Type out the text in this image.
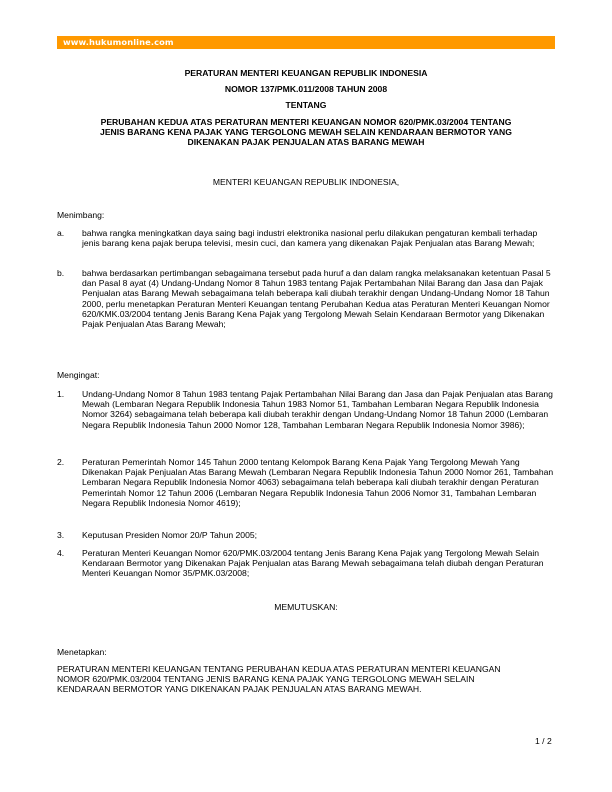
www.hukumonline.com
PERATURAN MENTERI KEUANGAN REPUBLIK INDONESIA
NOMOR 137/PMK.011/2008 TAHUN 2008
TENTANG
PERUBAHAN KEDUA ATAS PERATURAN MENTERI KEUANGAN NOMOR 620/PMK.03/2004 TENTANG
JENIS BARANG KENA PAJAK YANG TERGOLONG MEWAH SELAIN KENDARAAN BERMOTOR YANG
DIKENAKAN PAJAK PENJUALAN ATAS BARANG MEWAH
MENTERI KEUANGAN REPUBLIK INDONESIA,
Menimbang:
a. bahwa rangka meningkatkan daya saing bagi industri elektronika nasional perlu dilakukan pengaturan kembali terhadap jenis barang kena pajak berupa televisi, mesin cuci, dan kamera yang dikenakan Pajak Penjualan atas Barang Mewah;
b. bahwa berdasarkan pertimbangan sebagaimana tersebut pada huruf a dan dalam rangka melaksanakan ketentuan Pasal 5 dan Pasal 8 ayat (4) Undang-Undang Nomor 8 Tahun 1983 tentang Pajak Pertambahan Nilai Barang dan Jasa dan Pajak Penjualan atas Barang Mewah sebagaimana telah beberapa kali diubah terakhir dengan Undang-Undang Nomor 18 Tahun 2000, perlu menetapkan Peraturan Menteri Keuangan tentang Perubahan Kedua atas Peraturan Menteri Keuangan Nomor 620/KMK.03/2004 tentang Jenis Barang Kena Pajak yang Tergolong Mewah Selain Kendaraan Bermotor yang Dikenakan Pajak Penjualan Atas Barang Mewah;
Mengingat:
1. Undang-Undang Nomor 8 Tahun 1983 tentang Pajak Pertambahan Nilai Barang dan Jasa dan Pajak Penjualan atas Barang Mewah (Lembaran Negara Republik Indonesia Tahun 1983 Nomor 51, Tambahan Lembaran Negara Republik Indonesia Nomor 3264) sebagaimana telah beberapa kali diubah terakhir dengan Undang-Undang Nomor 18 Tahun 2000 (Lembaran Negara Republik Indonesia Tahun 2000 Nomor 128, Tambahan Lembaran Negara Republik Indonesia Nomor 3986);
2. Peraturan Pemerintah Nomor 145 Tahun 2000 tentang Kelompok Barang Kena Pajak Yang Tergolong Mewah Yang Dikenakan Pajak Penjualan Atas Barang Mewah (Lembaran Negara Republik Indonesia Tahun 2000 Nomor 261, Tambahan Lembaran Negara Republik Indonesia Nomor 4063) sebagaimana telah beberapa kali diubah terakhir dengan Peraturan Pemerintah Nomor 12 Tahun 2006 (Lembaran Negara Republik Indonesia Tahun 2006 Nomor 31, Tambahan Lembaran Negara Republik Indonesia Nomor 4619);
3. Keputusan Presiden Nomor 20/P Tahun 2005;
4. Peraturan Menteri Keuangan Nomor 620/PMK.03/2004 tentang Jenis Barang Kena Pajak yang Tergolong Mewah Selain Kendaraan Bermotor yang Dikenakan Pajak Penjualan atas Barang Mewah sebagaimana telah diubah dengan Peraturan Menteri Keuangan Nomor 35/PMK.03/2008;
MEMUTUSKAN:
Menetapkan:
PERATURAN MENTERI KEUANGAN TENTANG PERUBAHAN KEDUA ATAS PERATURAN MENTERI KEUANGAN NOMOR 620/PMK.03/2004 TENTANG JENIS BARANG KENA PAJAK YANG TERGOLONG MEWAH SELAIN KENDARAAN BERMOTOR YANG DIKENAKAN PAJAK PENJUALAN ATAS BARANG MEWAH.
1 / 2
